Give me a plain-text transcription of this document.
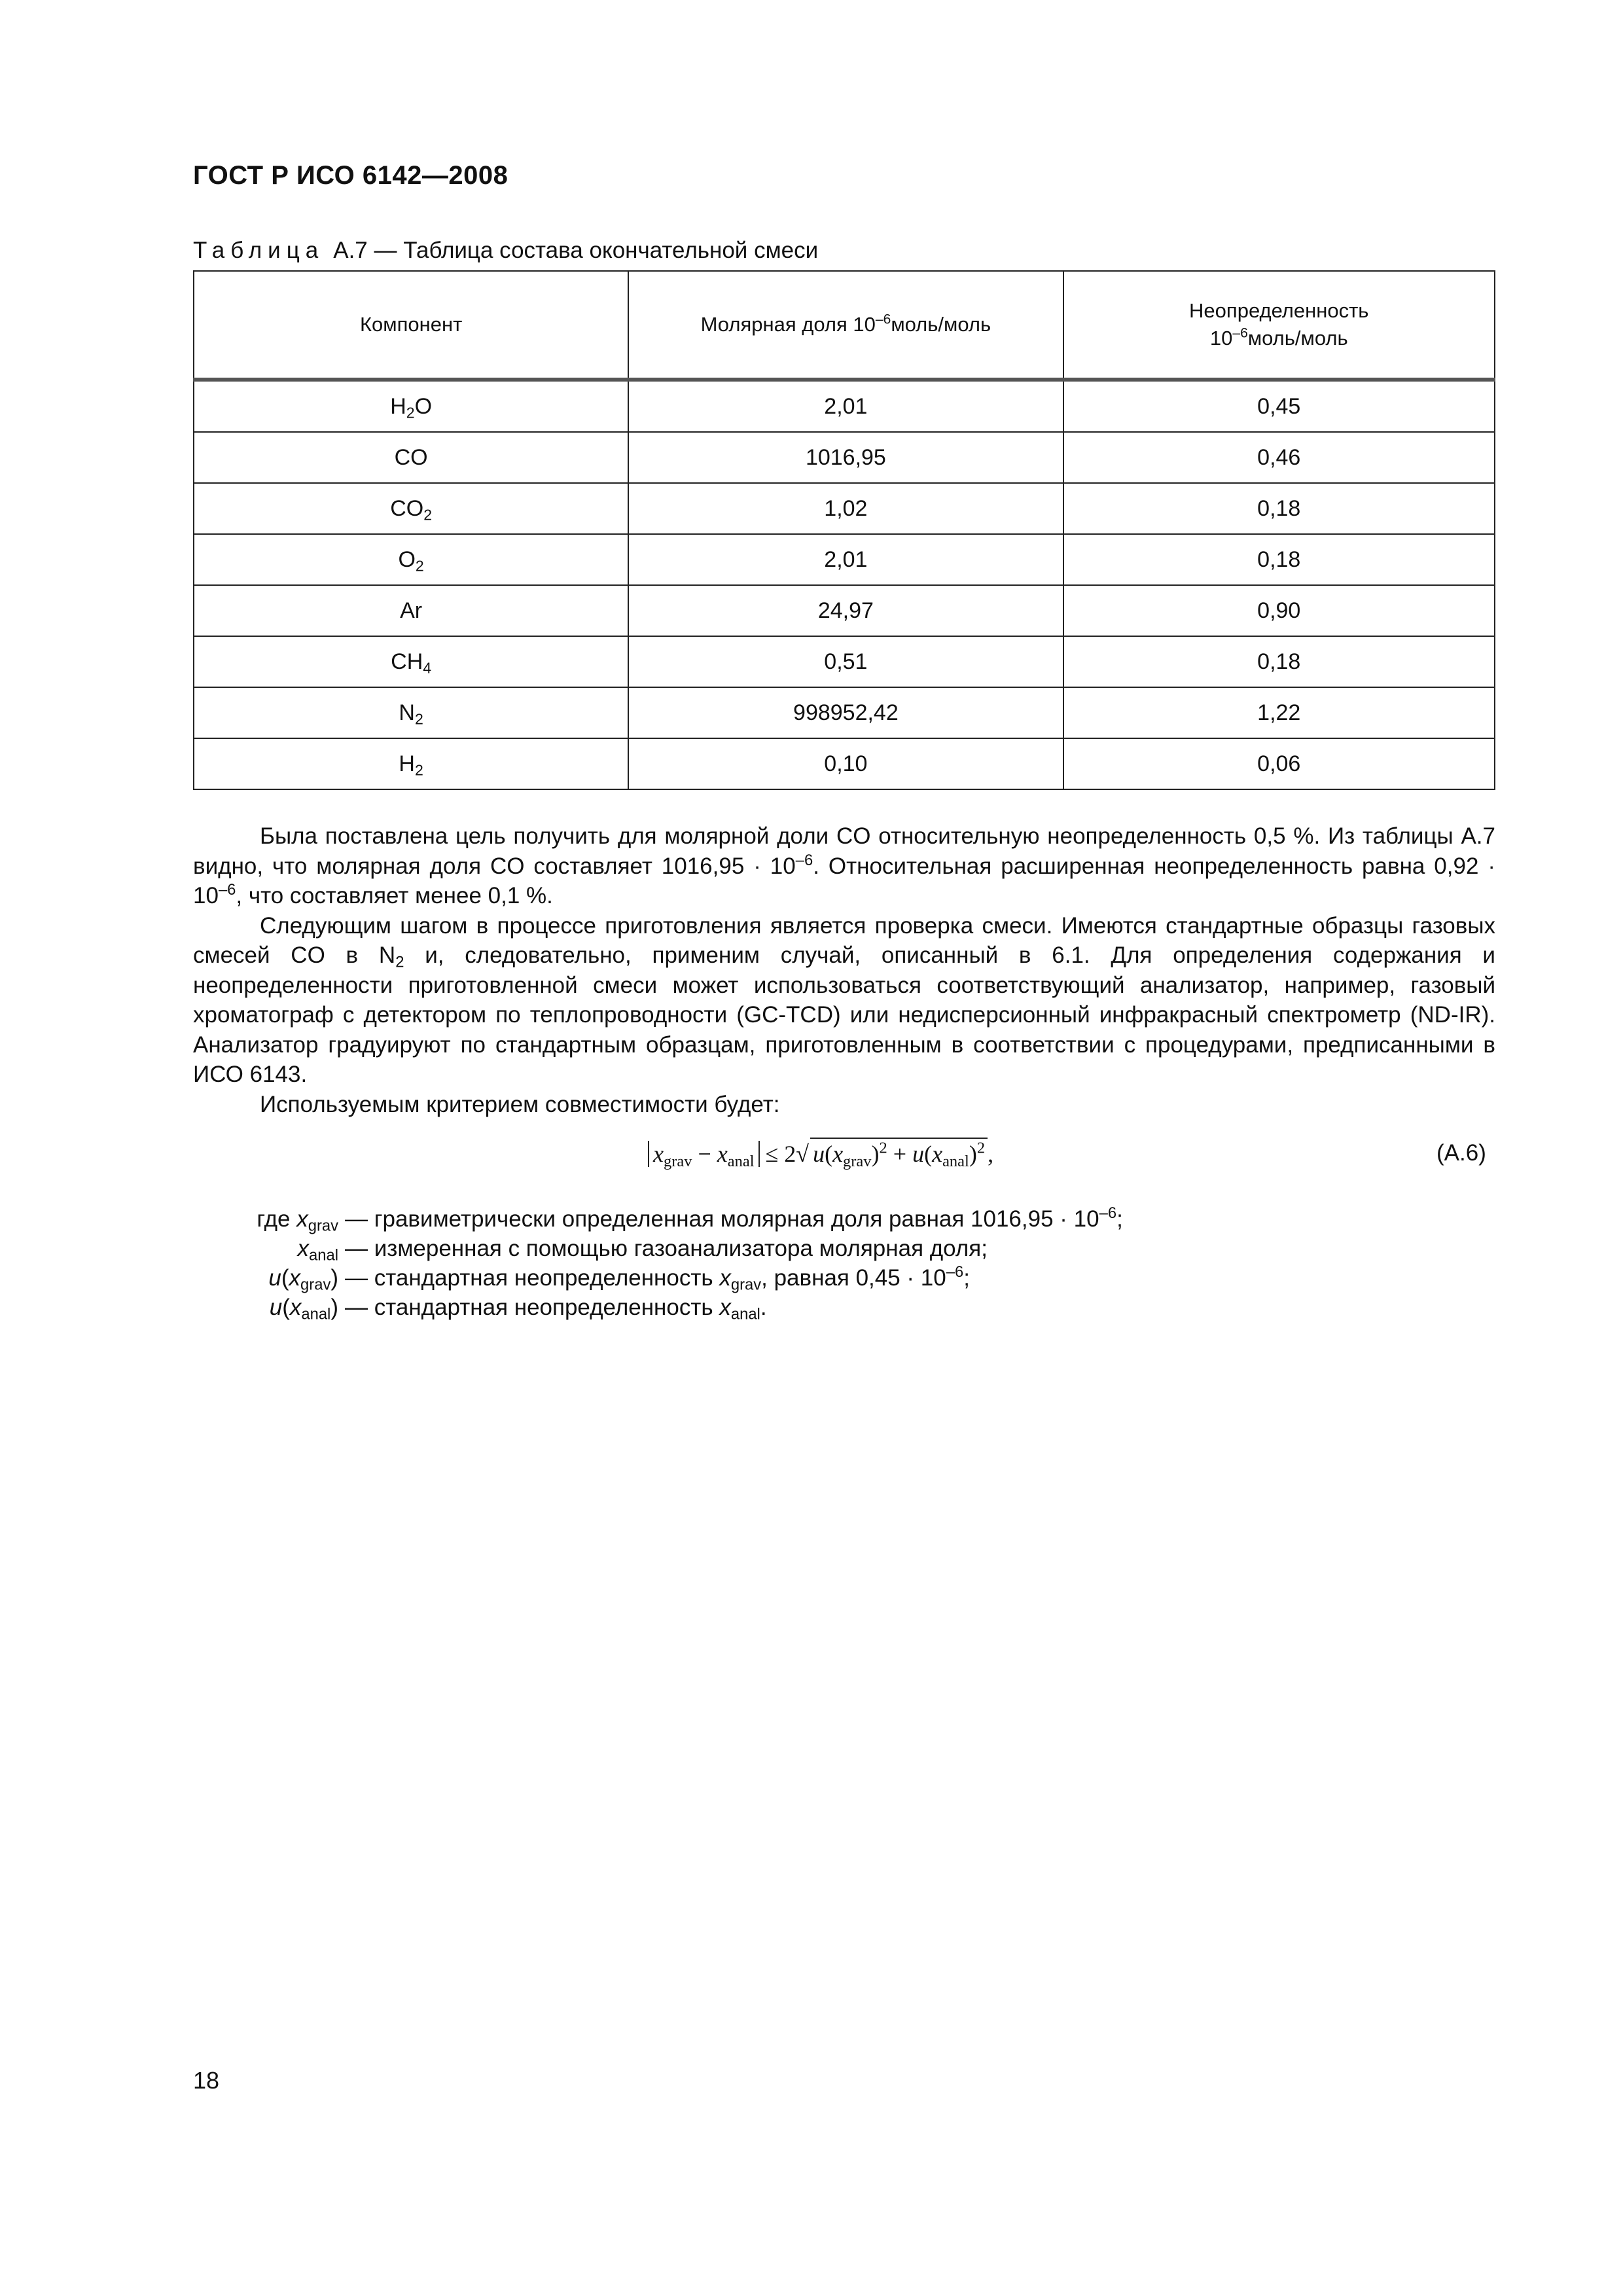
ГОСТ Р ИСО 6142—2008
Таблица А.7 — Таблица состава окончательной смеси
Компонент	Молярная доля $10^{-6}моль$/моль	Неопределенность
$10^{-6}моль$/моль
$H_2O$	2,01	0,45
CO	1016,95	0,46
$CO_2$	1,02	0,18
$O_2$	2,01	0,18
Ar	24,97	0,90
$CH_4$	0,51	0,18
$N_2$	998952,42	1,22
$H_2$	0,10	0,06

Была поставлена цель получить для молярной доли CO относительную неопределенность 0,5 %. Из таблицы А.7 видно, что молярная доля CO составляет $1016,95 \cdot 10^{-6}$. Относительная расширенная неопределенность равна $0,92 \cdot 10^{-6}$, что составляет менее 0,1 %.

Следующим шагом в процессе приготовления является проверка смеси. Имеются стандартные образцы газовых смесей CO в $N_2$ и, следовательно, применим случай, описанный в 6.1. Для определения содержания и неопределенности приготовленной смеси может использоваться соответствующий анализатор, например, газовый хроматограф с детектором по теплопроводности (GC-TCD) или недисперсионный инфракрасный спектрометр (ND-IR). Анализатор градуируют по стандартным образцам, приготовленным в соответствии с процедурами, предписанными в ИСО 6143.

Используемым критерием совместимости будет:

$x_{grav} - x_{anal} \le 2√$ $u(x_{grav})^2 + u(x_{anal})^2$ ,	(А.6)
где $x_{grav}$ — гравиметрически определенная молярная доля равная $1016,95 \cdot 10^{-6}$;
$x_{anal}$ — измеренная с помощью газоанализатора молярная доля;
$u(x_{grav})$ — стандартная неопределенность $x_{grav}$, равная $0,45 \cdot 10^{-6}$;
$u(x_{anal})$ — стандартная неопределенность $x_{anal}$.
18
